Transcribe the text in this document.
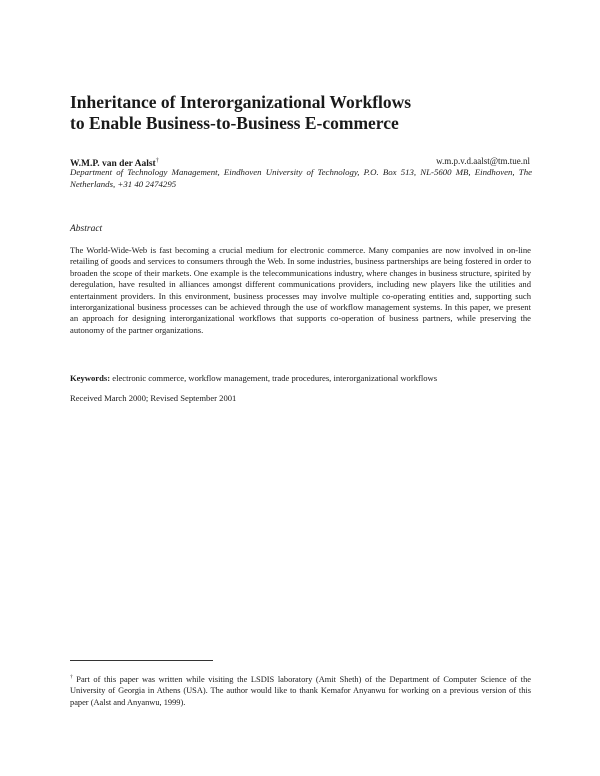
Inheritance of Interorganizational Workflows
to Enable Business-to-Business E-commerce
W.M.P. van der Aalst†	w.m.p.v.d.aalst@tm.tue.nl

Department of Technology Management, Eindhoven University of Technology, P.O. Box 513, NL-5600 MB, Eindhoven, The Netherlands, +31 40 2474295

Abstract

The World-Wide-Web is fast becoming a crucial medium for electronic commerce. Many companies are now involved in on-line retailing of goods and services to consumers through the Web. In some industries, business partnerships are being fostered in order to broaden the scope of their markets. One example is the telecommunications industry, where changes in business structure, spirited by deregulation, have resulted in alliances amongst different communications providers, including new players like the utilities and entertainment providers. In this environment, business processes may involve multiple co-operating entities and, supporting such interorganizational business processes can be achieved through the use of workflow management systems. In this paper, we present an approach for designing interorganizational workflows that supports co-operation of business partners, while preserving the autonomy of the partner organizations.

Keywords: electronic commerce, workflow management, trade procedures, interorganizational workflows

Received March 2000; Revised September 2001

† Part of this paper was written while visiting the LSDIS laboratory (Amit Sheth) of the Department of Computer Science of the University of Georgia in Athens (USA). The author would like to thank Kemafor Anyanwu for working on a previous version of this paper (Aalst and Anyanwu, 1999).
